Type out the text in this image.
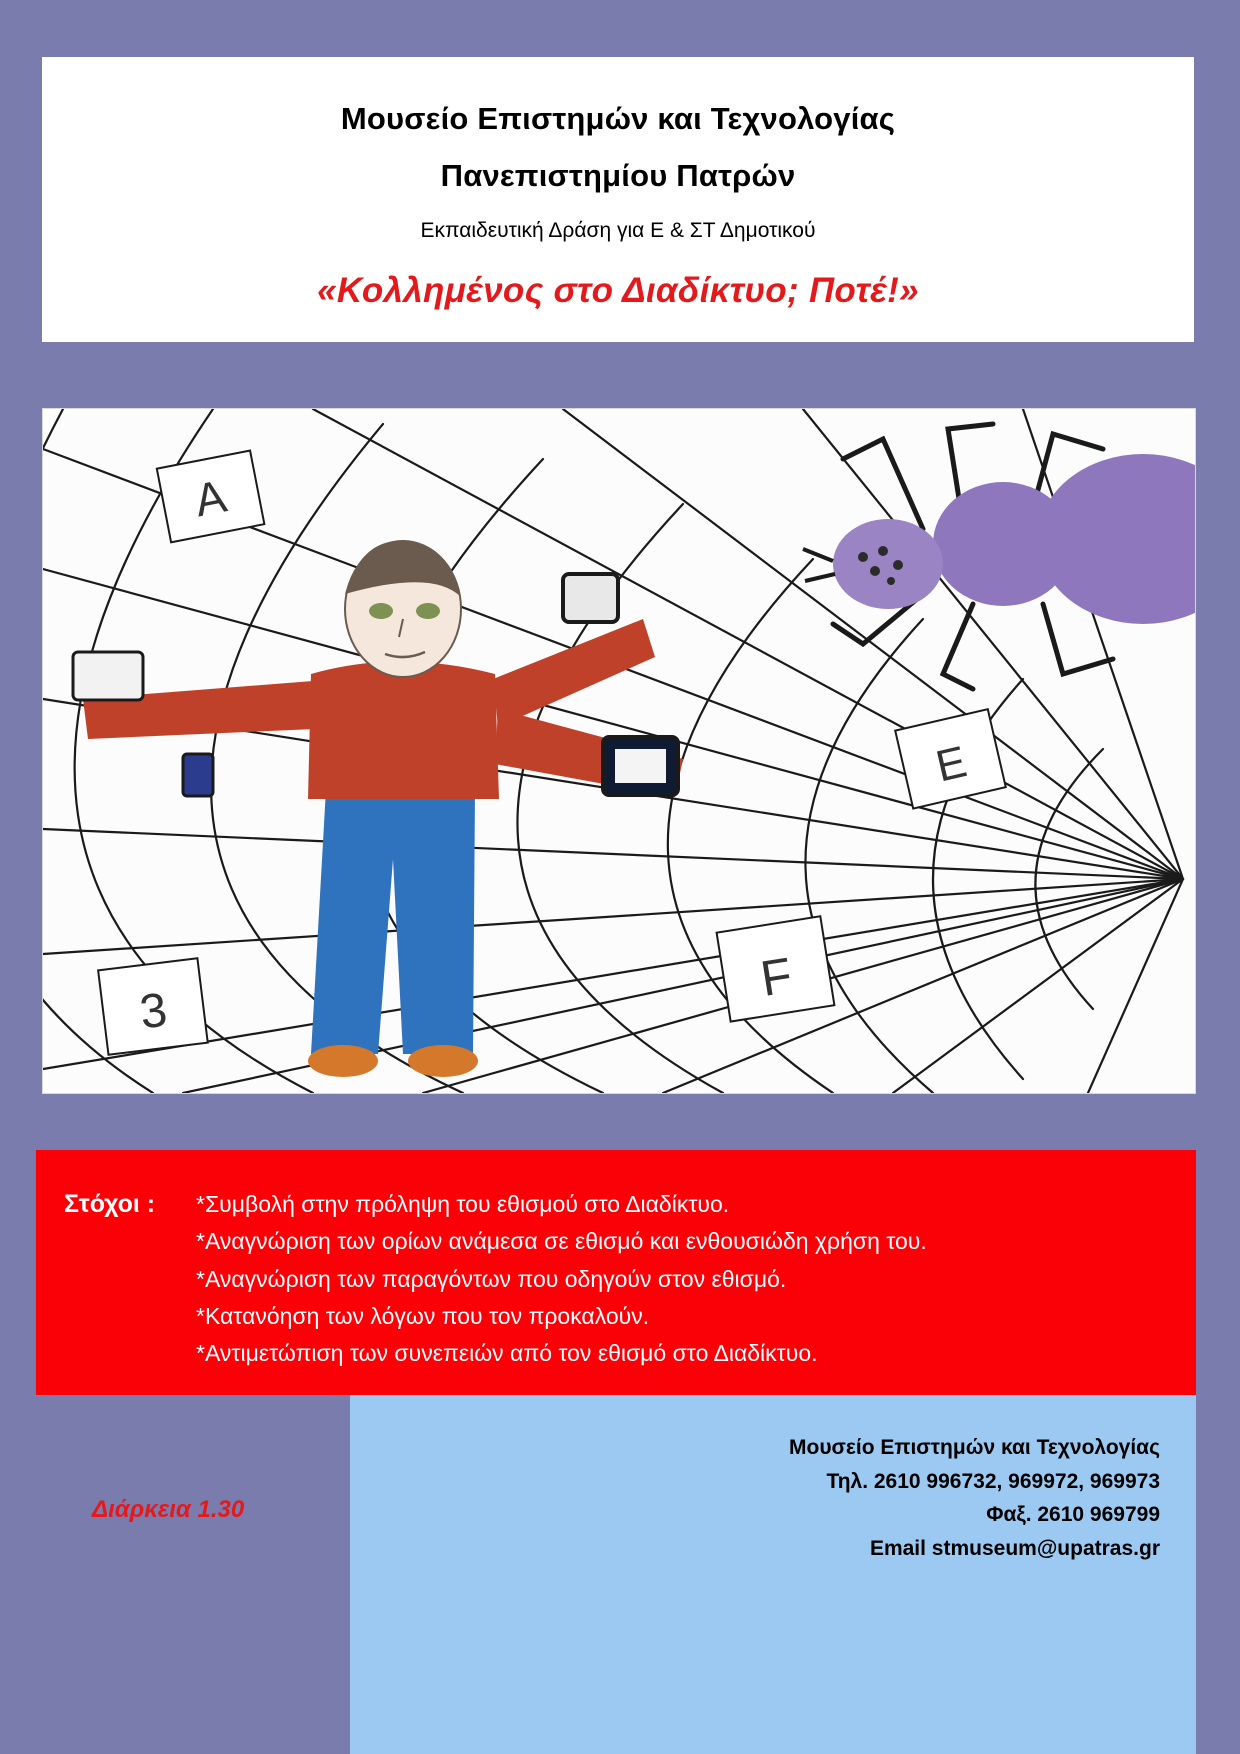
Μουσείο Επιστημών και Τεχνολογίας
Πανεπιστημίου Πατρών
Εκπαιδευτική Δράση για Ε & ΣΤ Δημοτικού
«Κολλημένος στο Διαδίκτυο; Ποτέ!»
A
3
E
F
Στόχοι : *Συμβολή στην πρόληψη του εθισμού στο Διαδίκτυο.
*Αναγνώριση των ορίων ανάμεσα σε εθισμό και ενθουσιώδη χρήση του.
*Αναγνώριση των παραγόντων που οδηγούν στον εθισμό.
*Κατανόηση των λόγων που τον προκαλούν.
*Αντιμετώπιση των συνεπειών από τον εθισμό στο Διαδίκτυο.
Μουσείο Επιστημών και Τεχνολογίας
Τηλ. 2610 996732, 969972, 969973
Φαξ. 2610 969799
Email stmuseum@upatras.gr
Διάρκεια 1.30
